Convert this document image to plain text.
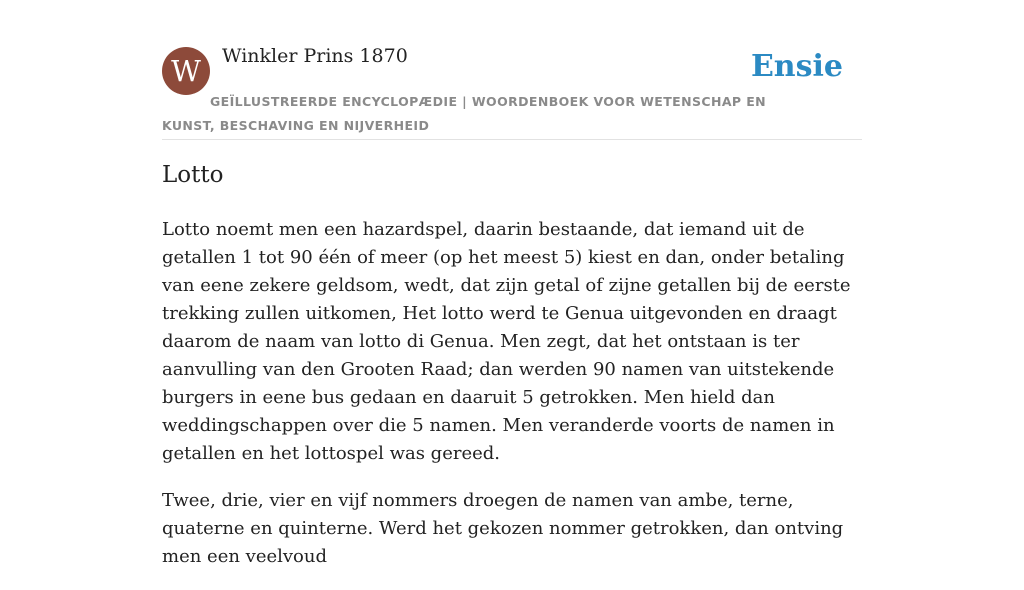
W	Winkler Prins 1870	Ensie
GEÏLLUSTREERDE ENCYCLOPÆDIE | WOORDENBOEK VOOR WETENSCHAP EN KUNST, BESCHAVING EN NIJVERHEID
Lotto

Lotto noemt men een hazardspel, daarin bestaande, dat iemand uit de getallen 1 tot 90 één of meer (op het meest 5) kiest en dan, onder betaling van eene zekere geldsom, wedt, dat zijn getal of zijne getallen bij de eerste trekking zullen uitkomen, Het lotto werd te Genua uitgevonden en draagt daarom de naam van lotto di Genua. Men zegt, dat het ontstaan is ter aanvulling van den Grooten Raad; dan werden 90 namen van uitstekende burgers in eene bus gedaan en daaruit 5 getrokken. Men hield dan weddingschappen over die 5 namen. Men veranderde voorts de namen in getallen en het lottospel was gereed.

Twee, drie, vier en vijf nommers droegen de namen van ambe, terne, quaterne en quinterne. Werd het gekozen nommer getrokken, dan ontving men een veelvoud
